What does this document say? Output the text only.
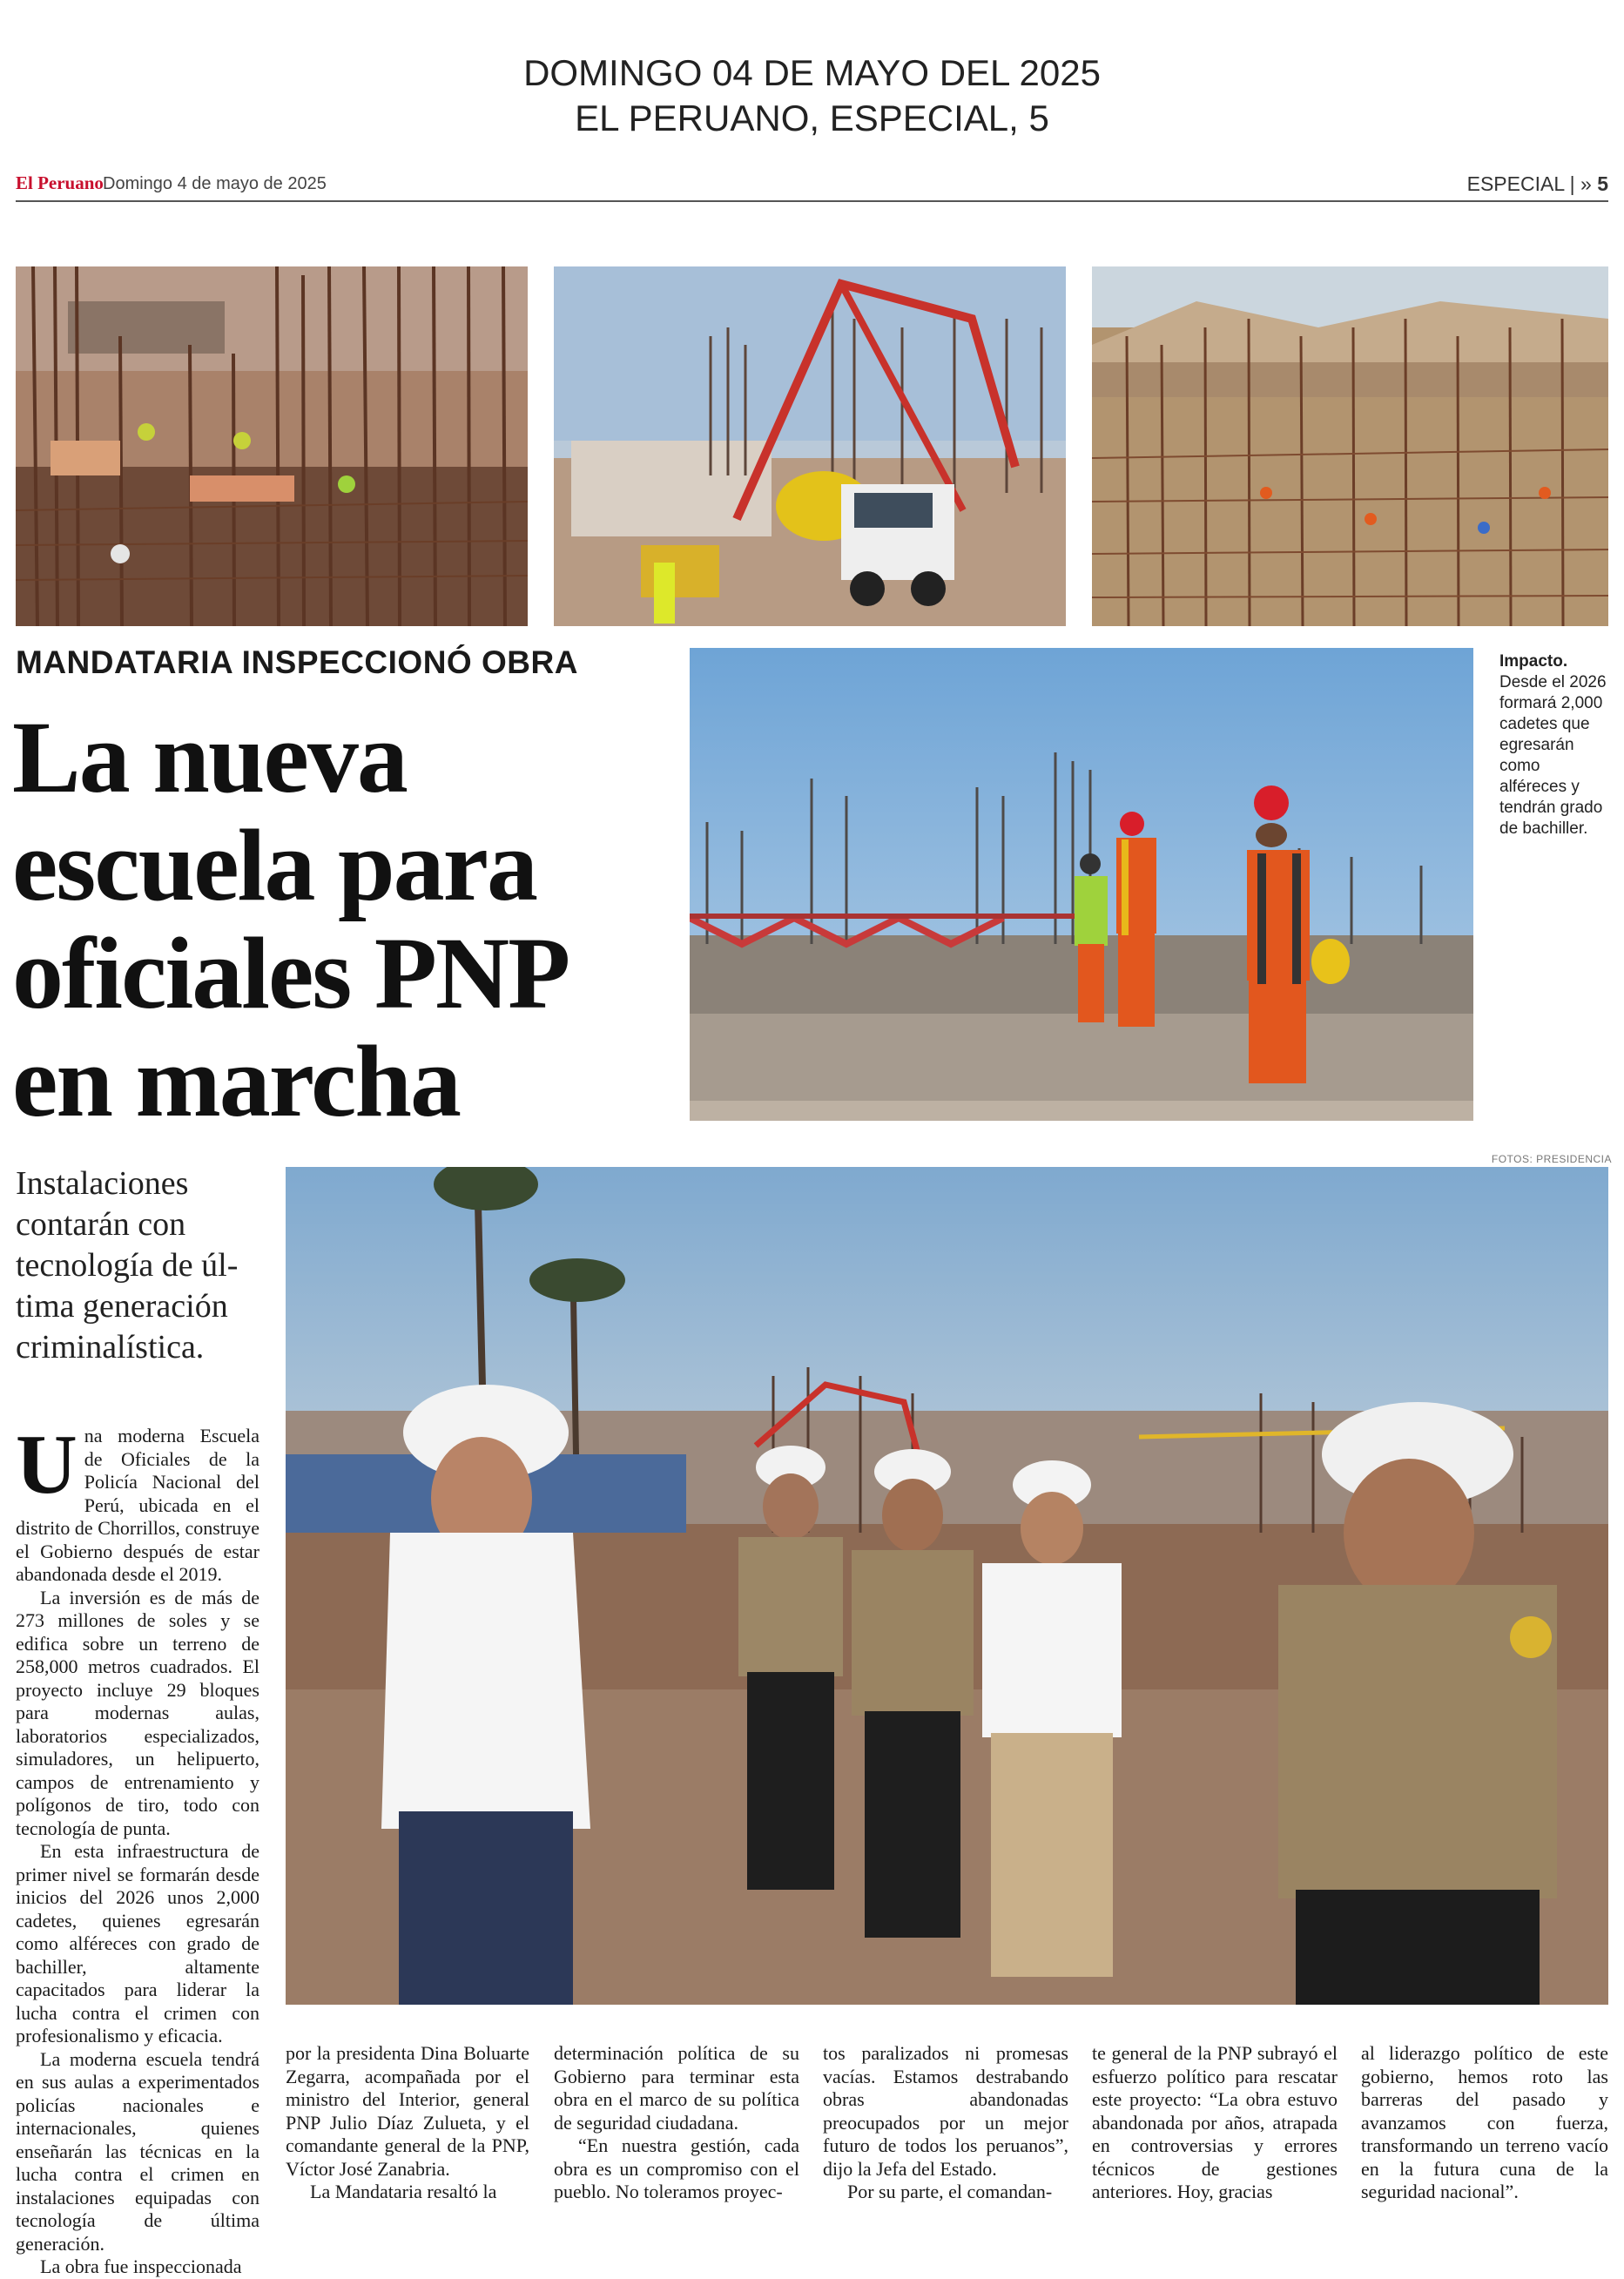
DOMINGO 04 DE MAYO DEL 2025
EL PERUANO, ESPECIAL, 5
El Peruano Domingo 4 de mayo de 2025	ESPECIAL | » 5
MANDATARIA INSPECCIONÓ OBRA
La nueva
escuela para
oficiales PNP
en marcha
Impacto.
Desde el 2026 formará 2,000 cadetes que egresarán como alféreces y tendrán grado de bachiller.
FOTOS: PRESIDENCIA
Instalaciones
contarán con
tecnología de úl-
tima generación
criminalística.

Una moderna Escuela de Oficiales de la Policía Nacional del Perú, ubicada en el distrito de Chorrillos, construye el Gobierno después de estar abandonada desde el 2019.

La inversión es de más de 273 millones de soles y se edifica sobre un terreno de 258,000 metros cuadrados. El proyecto incluye 29 bloques para modernas aulas, laboratorios especializados, simuladores, un helipuerto, campos de entrenamiento y polígonos de tiro, todo con tecnología de punta.

En esta infraestructura de primer nivel se formarán desde inicios del 2026 unos 2,000 cadetes, quienes egresarán como alféreces con grado de bachiller, altamente capacitados para liderar la lucha contra el crimen con profesionalismo y eficacia.

La moderna escuela tendrá en sus aulas a experimentados policías nacionales e internacionales, quienes enseñarán las técnicas en la lucha contra el crimen en instalaciones equipadas con tecnología de última generación.

La obra fue inspeccionada

por la presidenta Dina Boluarte Zegarra, acompañada por el ministro del Interior, general PNP Julio Díaz Zulueta, y el comandante general de la PNP, Víctor José Zanabria.

La Mandataria resaltó la

determinación política de su Gobierno para terminar esta obra en el marco de su política de seguridad ciudadana.

“En nuestra gestión, cada obra es un compromiso con el pueblo. No toleramos proyec-

tos paralizados ni promesas vacías. Estamos destrabando obras abandonadas preocupados por un mejor futuro de todos los peruanos”, dijo la Jefa del Estado.

Por su parte, el comandan-

te general de la PNP subrayó el esfuerzo político para rescatar este proyecto: “La obra estuvo abandonada por años, atrapada en controversias y errores técnicos de gestiones anteriores. Hoy, gracias

al liderazgo político de este gobierno, hemos roto las barreras del pasado y avanzamos con fuerza, transformando un terreno vacío en la futura cuna de la seguridad nacional”.
